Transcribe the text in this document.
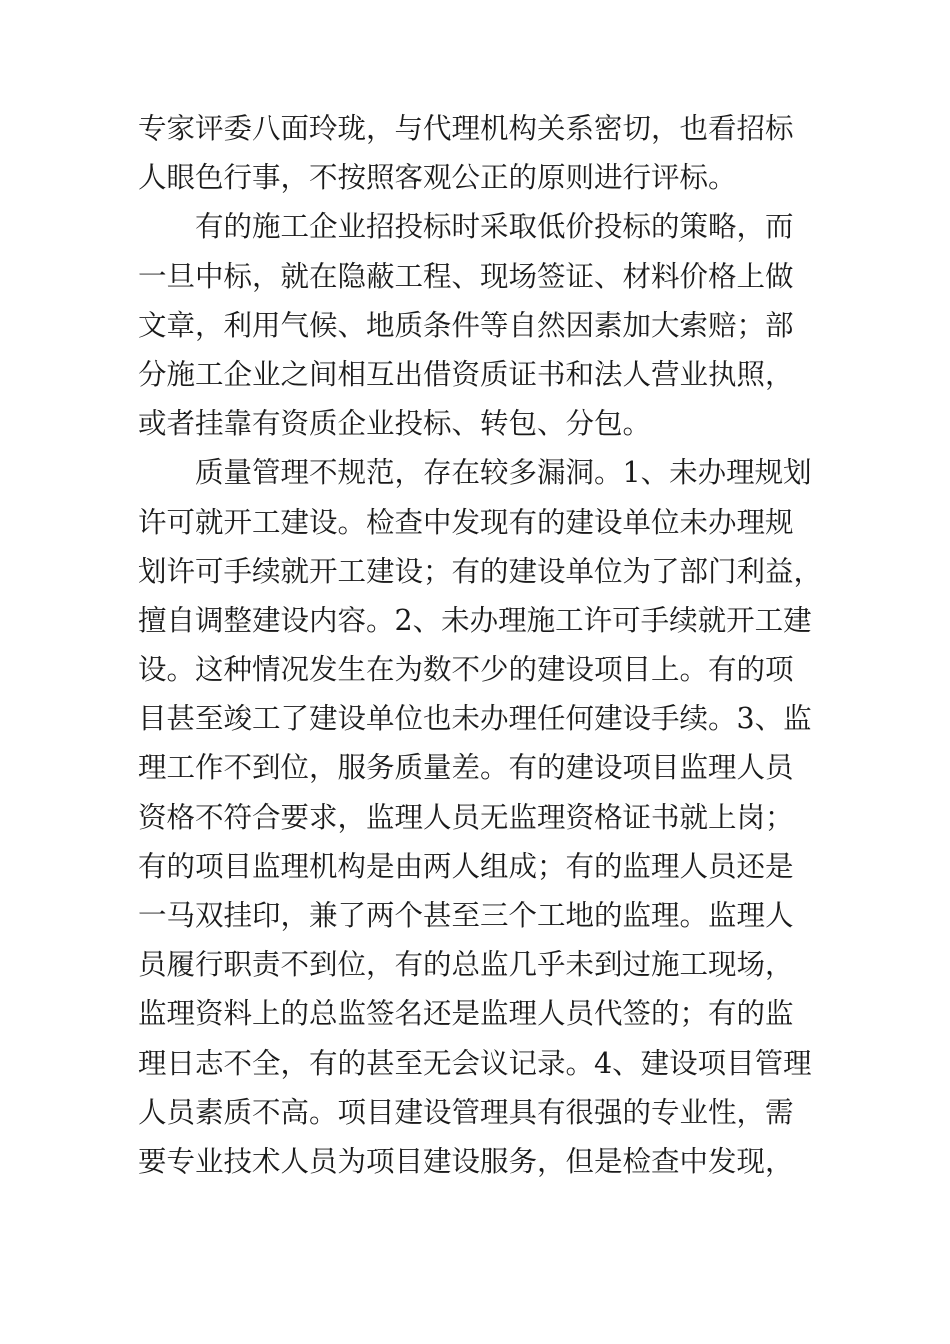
专家评委八面玲珑，与代理机构关系密切，也看招标
人眼色行事，不按照客观公正的原则进行评标。
有的施工企业招投标时采取低价投标的策略，而
一旦中标，就在隐蔽工程、现场签证、材料价格上做
文章，利用气候、地质条件等自然因素加大索赔；部
分施工企业之间相互出借资质证书和法人营业执照，
或者挂靠有资质企业投标、转包、分包。
质量管理不规范，存在较多漏洞。1、未办理规划
许可就开工建设。检查中发现有的建设单位未办理规
划许可手续就开工建设；有的建设单位为了部门利益，
擅自调整建设内容。2、未办理施工许可手续就开工建
设。这种情况发生在为数不少的建设项目上。有的项
目甚至竣工了建设单位也未办理任何建设手续。3、监
理工作不到位，服务质量差。有的建设项目监理人员
资格不符合要求，监理人员无监理资格证书就上岗；
有的项目监理机构是由两人组成；有的监理人员还是
一马双挂印，兼了两个甚至三个工地的监理。监理人
员履行职责不到位，有的总监几乎未到过施工现场，
监理资料上的总监签名还是监理人员代签的；有的监
理日志不全，有的甚至无会议记录。4、建设项目管理
人员素质不高。项目建设管理具有很强的专业性，需
要专业技术人员为项目建设服务，但是检查中发现，
